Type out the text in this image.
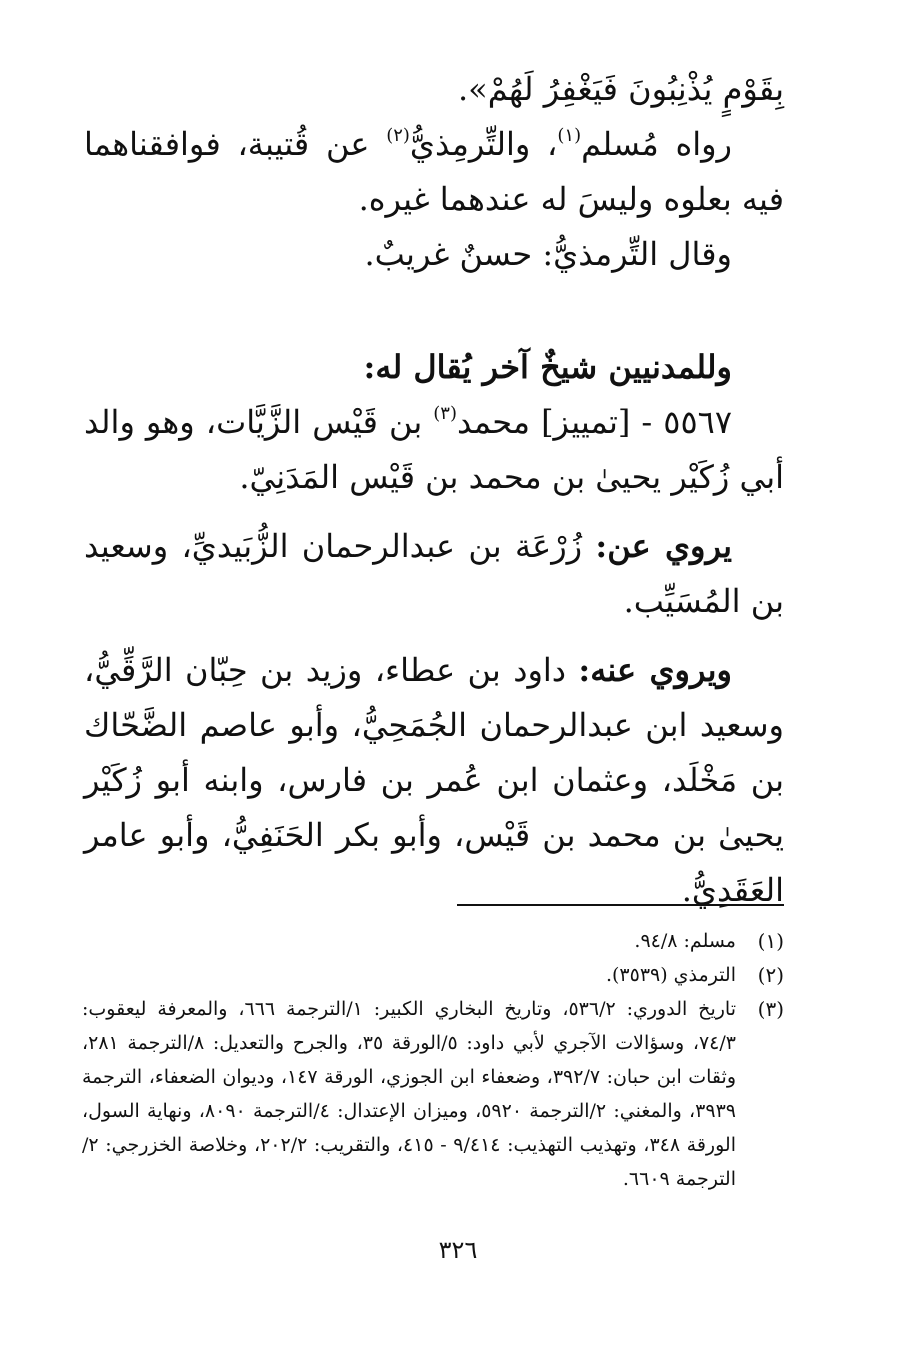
بِقَوْمٍ يُذْنِبُونَ فَيَغْفِرُ لَهُمْ».

رواه مُسلم$^{(١)}$، والتِّرمِذيُّ$^{(٢)}$ عن قُتيبة، فوافقناهما فيه بعلوه وليسَ له عندهما غيره.

وقال التِّرمذيُّ: حسنٌ غريبٌ.

وللمدنيين شيخٌ آخر يُقال له:

٥٥٦٧ - [تمييز] محمد$^{(٣)}$ بن قَيْس الزَّيَّات، وهو والد أبي زُكَيْر يحيىٰ بن محمد بن قَيْس المَدَنِيّ.

يروي عن: زُرْعَة بن عبدالرحمان الزُّبَيديِّ، وسعيد بن المُسَيِّب.

ويروي عنه: داود بن عطاء، وزيد بن حِبّان الرَّقِّيُّ، وسعيد ابن عبدالرحمان الجُمَحِيُّ، وأبو عاصم الضَّحّاك بن مَخْلَد، وعثمان ابن عُمر بن فارس، وابنه أبو زُكَيْر يحيىٰ بن محمد بن قَيْس، وأبو بكر الحَنَفِيُّ، وأبو عامر العَقَدِيُّ.

(١)
مسلم: ٩٤/٨.
(٢)
الترمذي (٣٥٣٩).
(٣)
تاريخ الدوري: ٥٣٦/٢، وتاريخ البخاري الكبير: ١/الترجمة ٦٦٦، والمعرفة ليعقوب: ٧٤/٣، وسؤالات الآجري لأبي داود: ٥/الورقة ٣٥، والجرح والتعديل: ٨/الترجمة ٢٨١، وثقات ابن حبان: ٣٩٢/٧، وضعفاء ابن الجوزي، الورقة ١٤٧، وديوان الضعفاء، الترجمة ٣٩٣٩، والمغني: ٢/الترجمة ٥٩٢٠، وميزان الإعتدال: ٤/الترجمة ٨٠٩٠، ونهاية السول، الورقة ٣٤٨، وتهذيب التهذيب: ٩/٤١٤ - ٤١٥، والتقريب: ٢٠٢/٢، وخلاصة الخزرجي: ٢/الترجمة ٦٦٠٩.
٣٢٦
